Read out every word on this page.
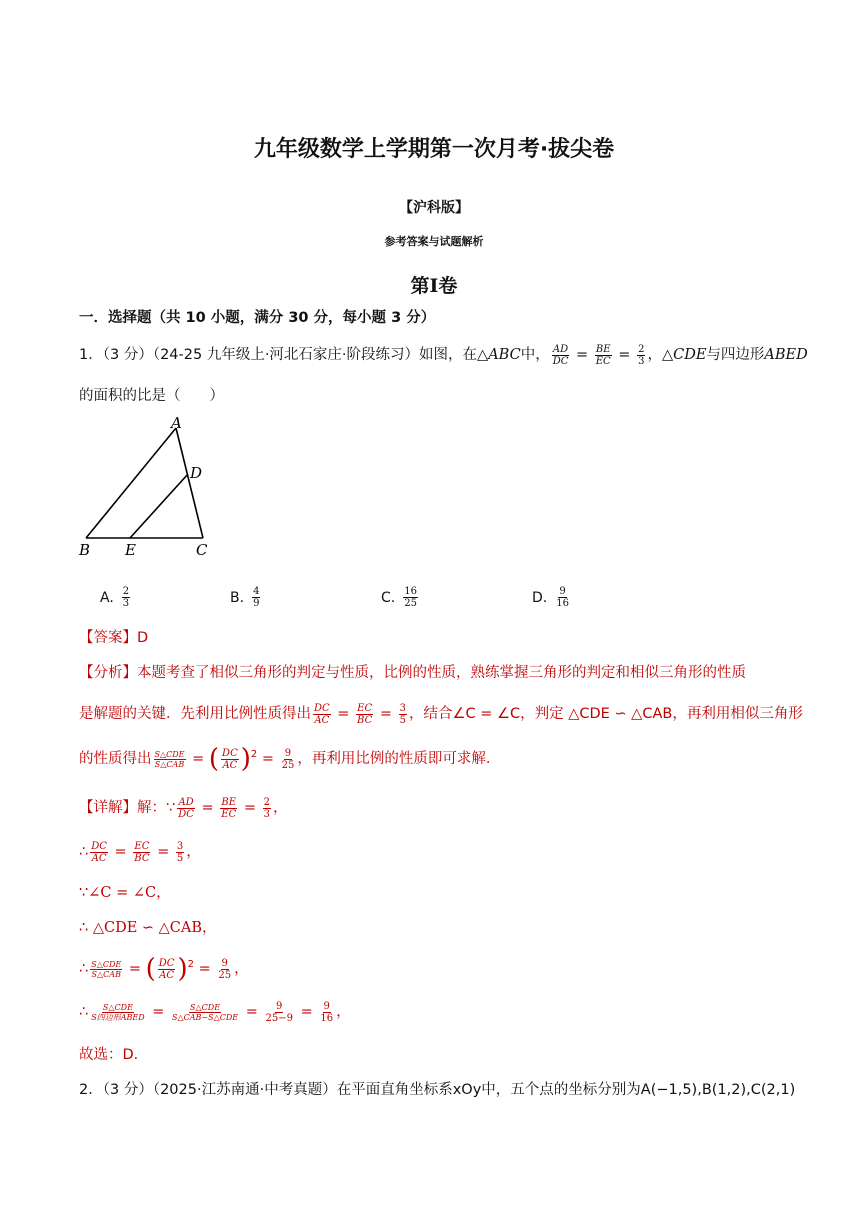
九年级数学上学期第一次月考·拔尖卷
【沪科版】
参考答案与试题解析
第Ⅰ卷
一．选择题（共 10 小题，满分 30 分，每小题 3 分）
1．（3 分）（24-25 九年级上·河北石家庄·阶段练习）如图，在△ABC中， $\frac{AD}{DC} = \frac{BE}{EC} = \frac{2}{3}$ ，△CDE与四边形ABED
的面积的比是（　　）
A
D
B E	C
A. $\frac{2}{3}$	B. $\frac{4}{9}$	C. $\frac{16}{25}$	D. $\frac{9}{16}$
【答案】D
【分析】本题考查了相似三角形的判定与性质，比例的性质，熟练掌握三角形的判定和相似三角形的性质
是解题的关键．先利用比例性质得出 $\frac{DC}{AC} = \frac{EC}{BC} = \frac{3}{5}$ ，结合∠C = ∠C，判定 △CDE ∽ △CAB，再利用相似三角形
的性质得出 $\frac{\text{S△CDE}}{\text{S△CAB}}$ = ( $\frac{DC}{AC} )^2 = \frac{9}{25}$ ，再利用比例的性质即可求解．
【详解】解：∵ $\frac{AD}{DC} = \frac{BE}{EC} = \frac{2}{3}$ ，
∴ $\frac{DC}{AC} = \frac{EC}{BC} = \frac{3}{5}$ ，
∵∠C = ∠C，
∴ △CDE ∽ △CAB，
∴ $\frac{\text{S△CDE}}{\text{S△CAB}}$ = ( $\frac{DC}{AC} )^2 = \frac{9}{25}$ ，
∴ $\frac{\text{S△CDE}}{\text{S四边形ABED}} = \frac{\text{S△CDE}}{\text{S△CAB−S△CDE}} = \frac{9}{25-9} = \frac{9}{16}$ ，
故选：D．
2．（3 分）（2025·江苏南通·中考真题）在平面直角坐标系xOy中，五个点的坐标分别为A(−1,5),B(1,2),C(2,1)
